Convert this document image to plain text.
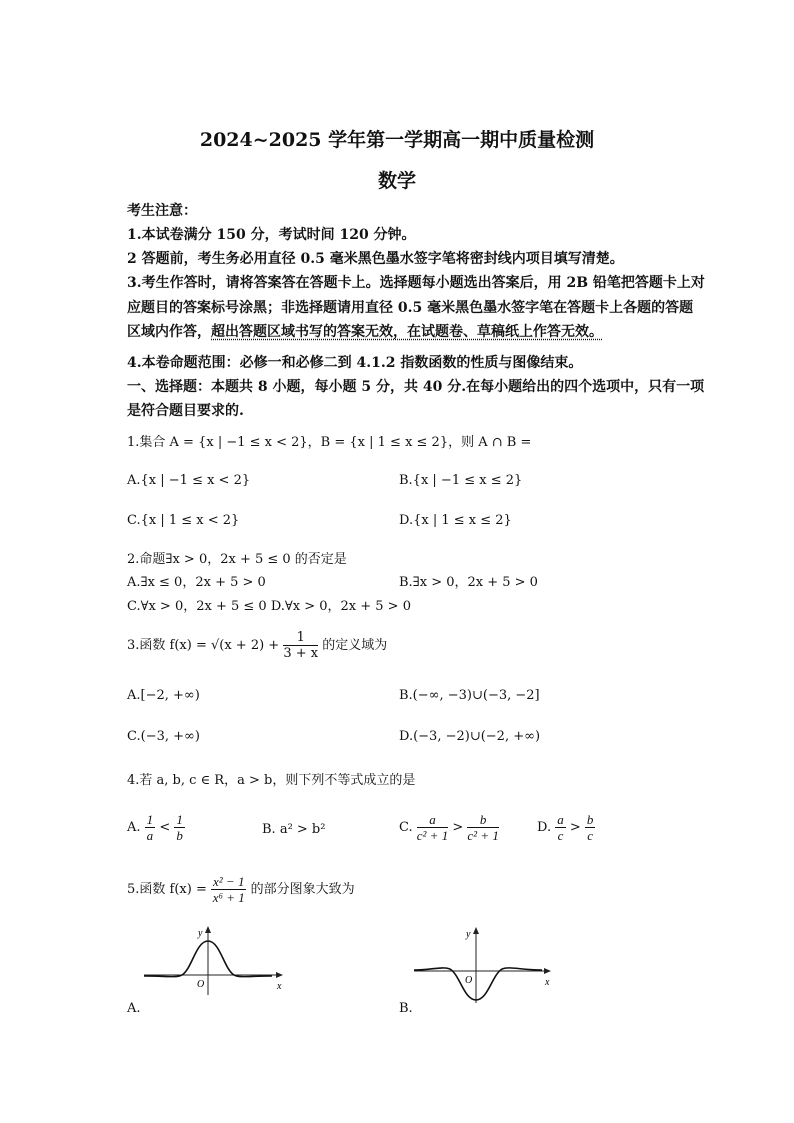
2024~2025 学年第一学期高一期中质量检测
数学
考生注意：
1.本试卷满分 150 分，考试时间 120 分钟。
2 答题前，考生务必用直径 0.5 毫米黑色墨水签字笔将密封线内项目填写清楚。
3.考生作答时，请将答案答在答题卡上。选择题每小题选出答案后，用 2B 铅笔把答题卡上对
应题目的答案标号涂黑；非选择题请用直径 0.5 毫米黑色墨水签字笔在答题卡上各题的答题
区域内作答，超出答题区域书写的答案无效，在试题卷、草稿纸上作答无效。
4.本卷命题范围：必修一和必修二到 4.1.2 指数函数的性质与图像结束。
一、选择题：本题共 8 小题，每小题 5 分，共 40 分.在每小题给出的四个选项中，只有一项
是符合题目要求的.
1.集合 A = {x | −1 ≤ x < 2}，B = {x | 1 ≤ x ≤ 2}，则 A ∩ B =
A.{x | −1 ≤ x < 2}	B.{x | −1 ≤ x ≤ 2}
C.{x | 1 ≤ x < 2}	D.{x | 1 ≤ x ≤ 2}
2.命题∃x > 0，2x + 5 ≤ 0 的否定是
A.∃x ≤ 0，2x + 5 > 0	B.∃x > 0，2x + 5 > 0
C.∀x > 0，2x + 5 ≤ 0 D.∀x > 0，2x + 5 > 0
3.函数 $f(x) = √(x + 2) + \frac{1}{3 + x}$ 的定义域为
A.[−2, +∞)	B.(−∞, −3)∪(−3, −2]
C.(−3, +∞)	D.(−3, −2)∪(−2, +∞)
4.若 a, b, c ∈ R，a > b，则下列不等式成立的是
A. $\frac{1}{a} < \frac{1}{b}$	B. a² > b²	C. $\frac{a}{\text{c² + 1}} > \frac{b}{\text{c² + 1}}$	D. $\frac{a}{c} > \frac{b}{c}$
5.函数 $f(x) = \frac{\text{x² − 1}}{\text{x⁶ + 1}}$ 的部分图象大致为
y
x
O
A.
y
x
O
B.
